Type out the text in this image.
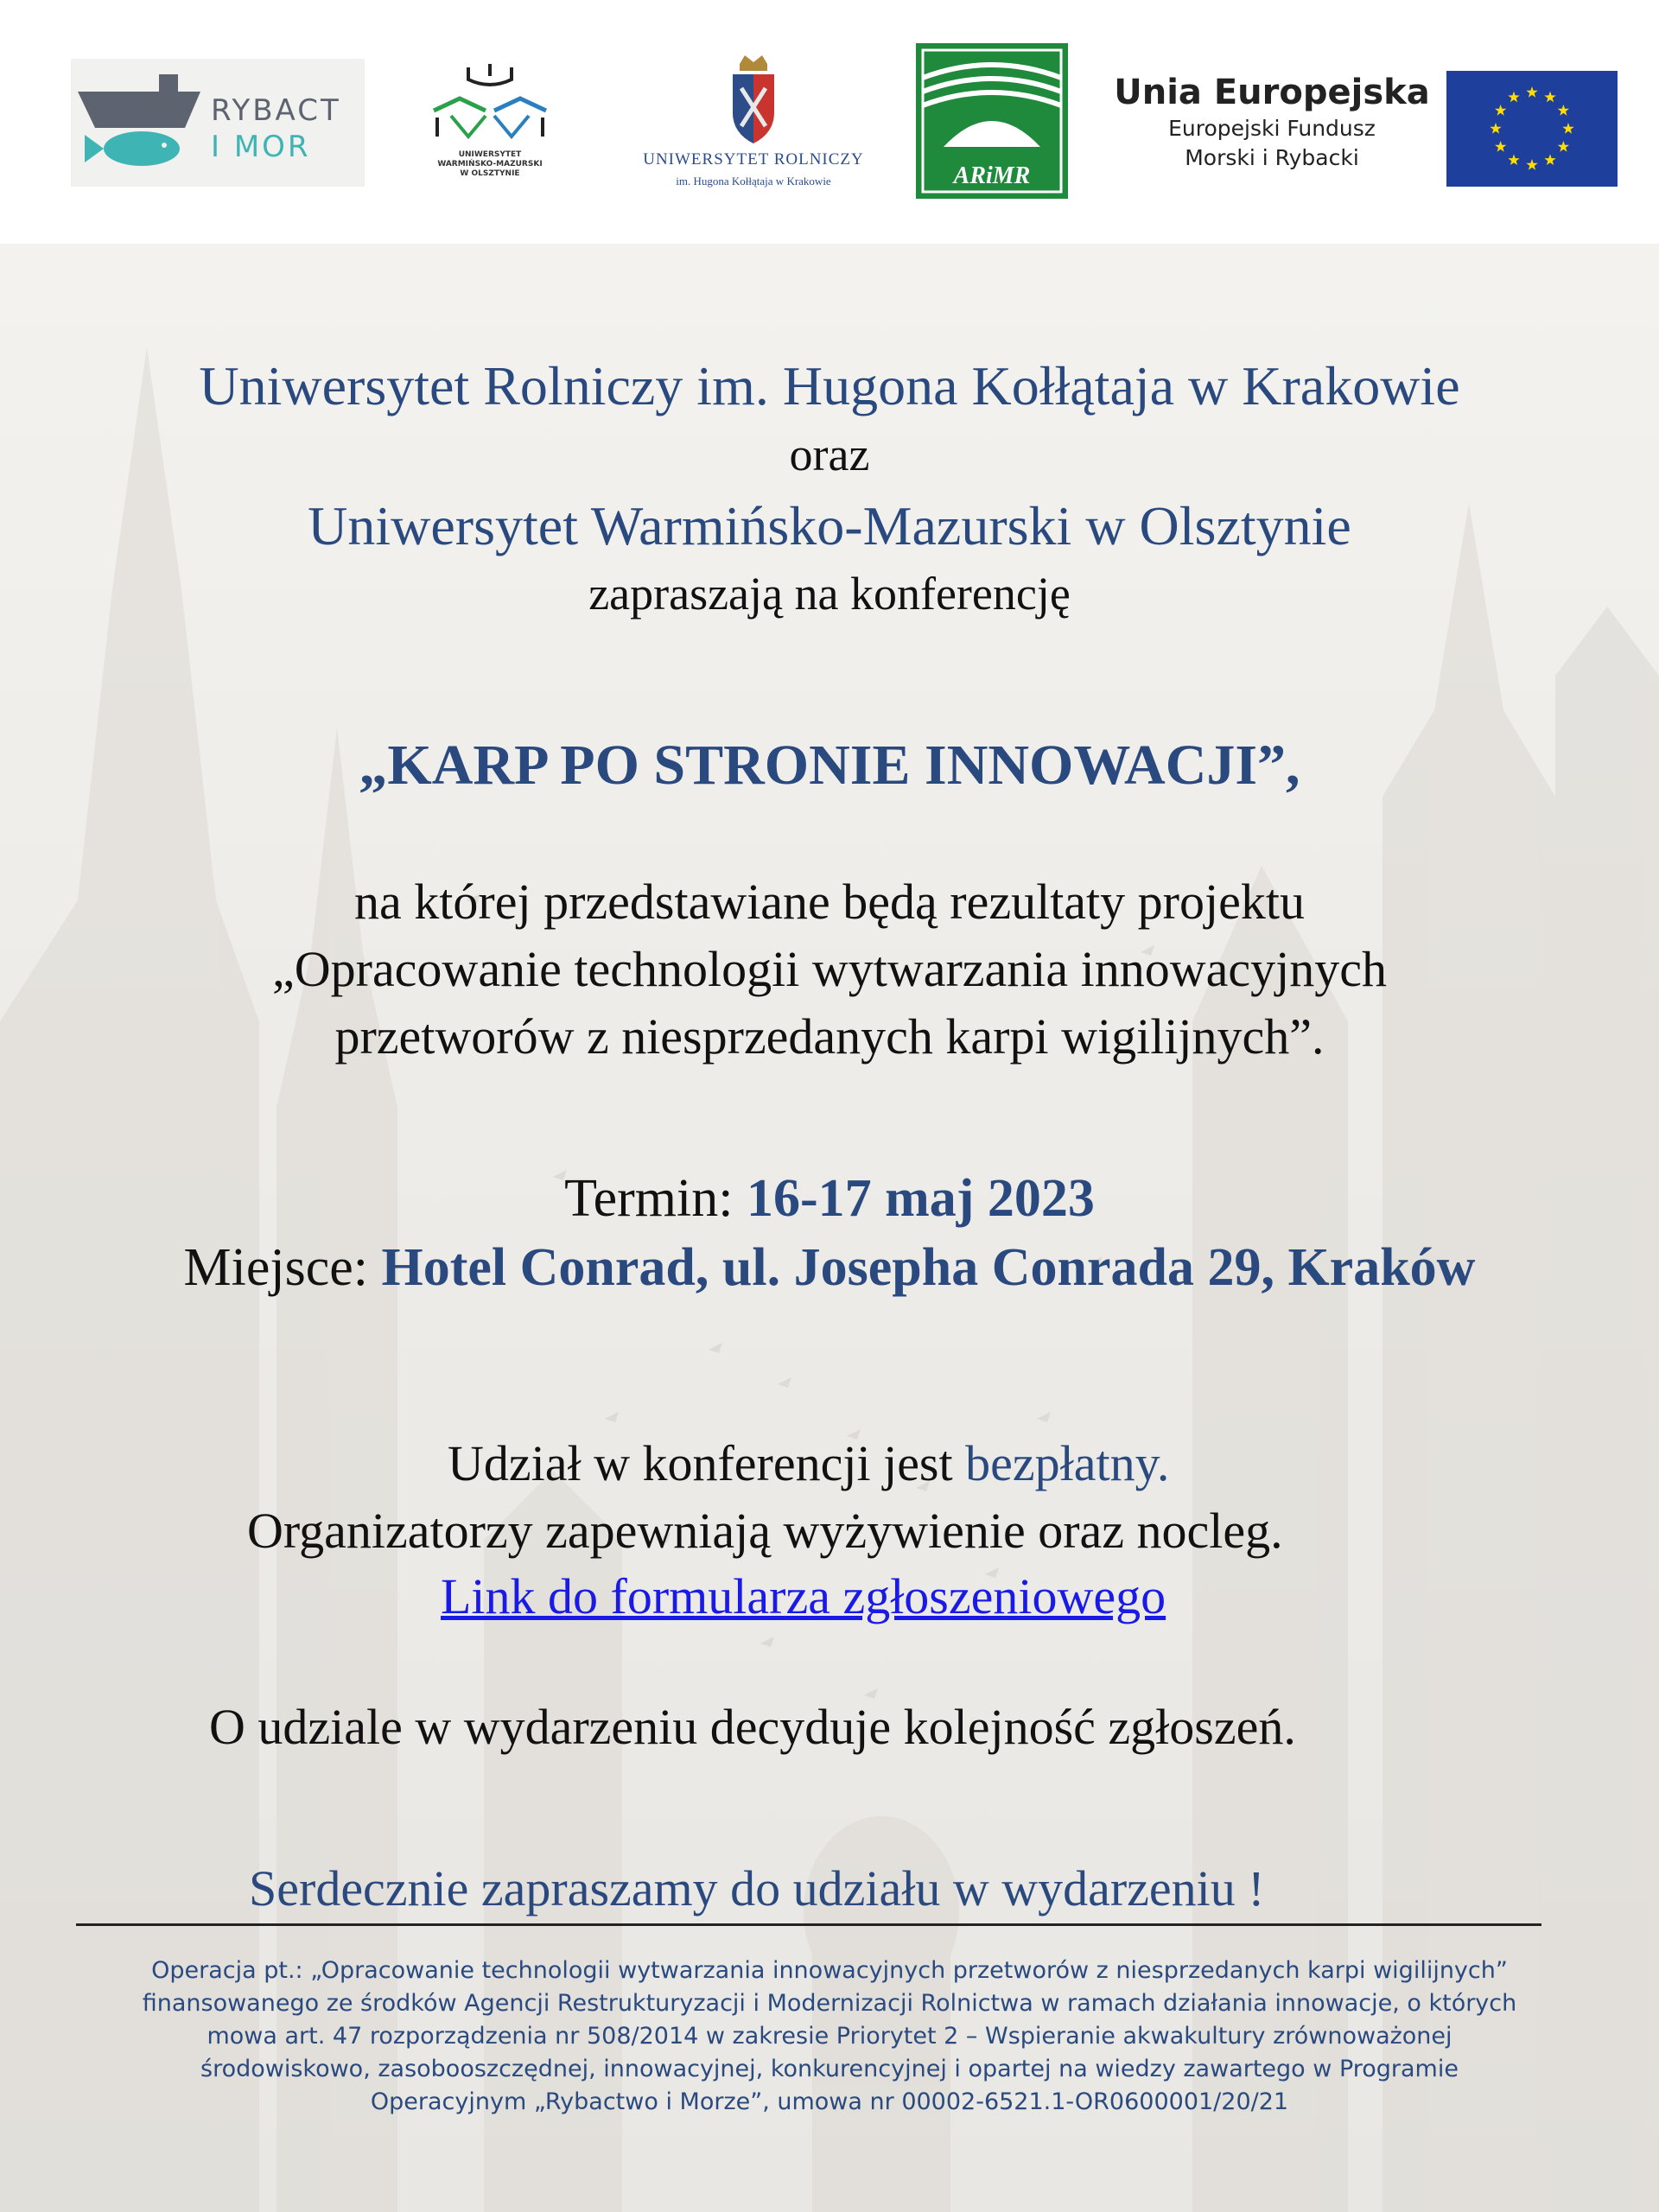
RYBACT
I MOR	UNIWERSYTET
WARMIŃSKO-MAZURSKI
W OLSZTYNIE
UNIWERSYTET ROLNICZY
im. Hugona Kołłątaja w Krakowie	ARiMR

Unia Europejska

Europejski Fundusz

Morski i Rybacki

Uniwersytet Rolniczy im. Hugona Kołłątaja w Krakowie
oraz
Uniwersytet Warmińsko-Mazurski w Olsztynie
zapraszają na konferencję
„KARP PO STRONIE INNOWACJI”,
na której przedstawiane będą rezultaty projektu
„Opracowanie technologii wytwarzania innowacyjnych
przetworów z niesprzedanych karpi wigilijnych”.
Termin: 16-17 maj 2023
Miejsce: Hotel Conrad, ul. Josepha Conrada 29, Kraków
Udział w konferencji jest bezpłatny.
Organizatorzy zapewniają wyżywienie oraz nocleg.
Link do formularza zgłoszeniowego
O udziale w wydarzeniu decyduje kolejność zgłoszeń.
Serdecznie zapraszamy do udziału w wydarzeniu !
Operacja pt.: „Opracowanie technologii wytwarzania innowacyjnych przetworów z niesprzedanych karpi wigilijnych”
finansowanego ze środków Agencji Restrukturyzacji i Modernizacji Rolnictwa w ramach działania innowacje, o których
mowa art. 47 rozporządzenia nr 508/2014 w zakresie Priorytet 2 – Wspieranie akwakultury zrównoważonej
środowiskowo, zasobooszczędnej, innowacyjnej, konkurencyjnej i opartej na wiedzy zawartego w Programie
Operacyjnym „Rybactwo i Morze”, umowa nr 00002-6521.1-OR0600001/20/21
